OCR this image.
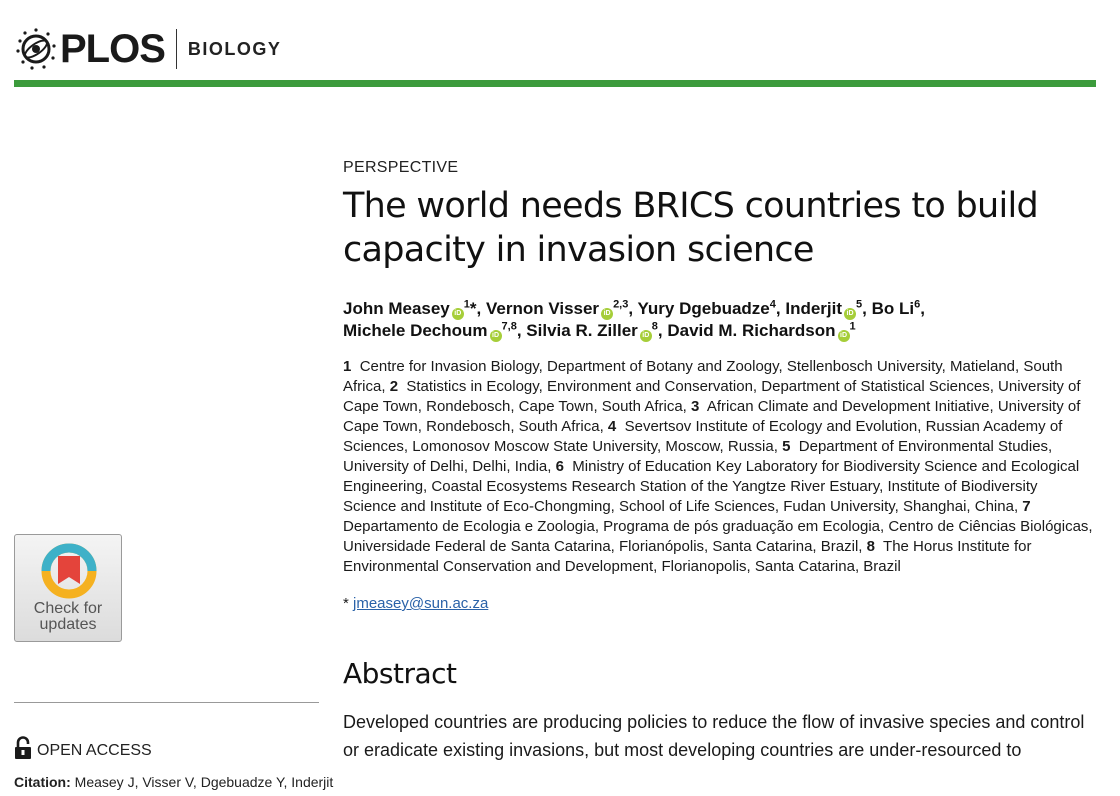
PLOS BIOLOGY
Check for
updates
OPEN ACCESS
Citation: Measey J, Visser V, Dgebuadze Y, Inderjit

PERSPECTIVE

The world needs BRICS countries to build capacity in invasion science
John Measey $iD^1*$, Vernon Visser iD$^{2,3}$, Yury Dgebuadze$^4$, Inderjit $iD^5$, Bo Li$^6$,
Michele Dechoum iD$^{7,8}$, Silvia R. Ziller $iD^8$, David M. Richardson $iD^1$
1 Centre for Invasion Biology, Department of Botany and Zoology, Stellenbosch University, Matieland, South Africa, 2 Statistics in Ecology, Environment and Conservation, Department of Statistical Sciences, University of Cape Town, Rondebosch, Cape Town, South Africa, 3 African Climate and Development Initiative, University of Cape Town, Rondebosch, South Africa, 4 Severtsov Institute of Ecology and Evolution, Russian Academy of Sciences, Lomonosov Moscow State University, Moscow, Russia, 5 Department of Environmental Studies, University of Delhi, Delhi, India, 6 Ministry of Education Key Laboratory for Biodiversity Science and Ecological Engineering, Coastal Ecosystems Research Station of the Yangtze River Estuary, Institute of Biodiversity Science and Institute of Eco-Chongming, School of Life Sciences, Fudan University, Shanghai, China, 7  Departamento de Ecologia e Zoologia, Programa de pós graduação em Ecologia, Centro de Ciências Biológicas, Universidade Federal de Santa Catarina, Florianópolis, Santa Catarina, Brazil, 8 The Horus Institute for Environmental Conservation and Development, Florianopolis, Santa Catarina, Brazil
* jmeasey@sun.ac.za
Abstract
Developed countries are producing policies to reduce the flow of invasive species and control or eradicate existing invasions, but most developing countries are under-resourced to
